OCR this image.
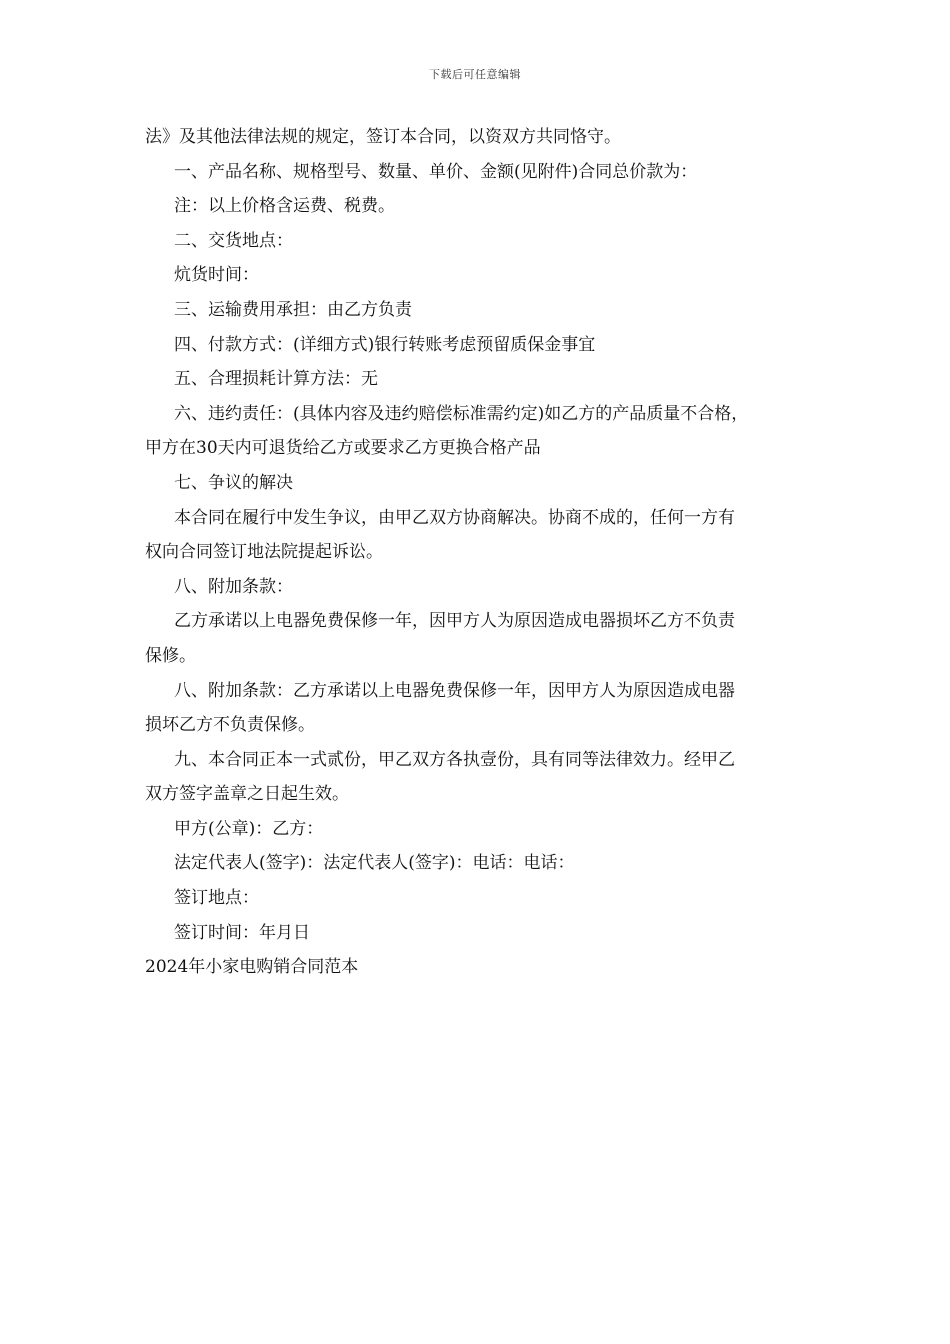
下载后可任意编辑

法》及其他法律法规的规定，签订本合同，以资双方共同恪守。

一、产品名称、规格型号、数量、单价、金额(见附件)合同总价款为：

注：以上价格含运费、税费。

二、交货地点：

炕货时间：

三、运输费用承担：由乙方负责

四、付款方式：(详细方式)银行转账考虑预留质保金事宜

五、合理损耗计算方法：无

六、违约责任：(具体内容及违约赔偿标准需约定)如乙方的产品质量不合格，

甲方在30天内可退货给乙方或要求乙方更换合格产品

七、争议的解决

本合同在履行中发生争议，由甲乙双方协商解决。协商不成的，任何一方有

权向合同签订地法院提起诉讼。

八、附加条款：

乙方承诺以上电器免费保修一年，因甲方人为原因造成电器损坏乙方不负责

保修。

八、附加条款：乙方承诺以上电器免费保修一年，因甲方人为原因造成电器

损坏乙方不负责保修。

九、本合同正本一式贰份，甲乙双方各执壹份，具有同等法律效力。经甲乙

双方签字盖章之日起生效。

甲方(公章)：乙方：

法定代表人(签字)：法定代表人(签字)：电话：电话：

签订地点：

签订时间：年月日

2024年小家电购销合同范本
